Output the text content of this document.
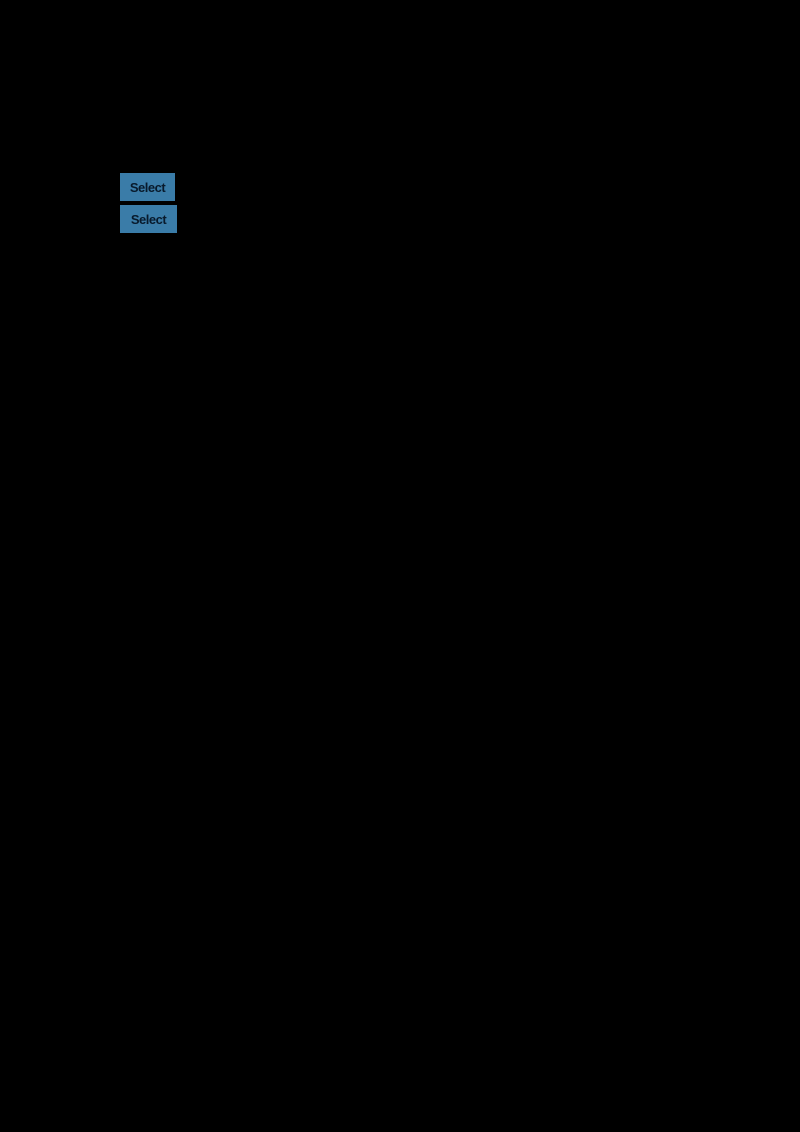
Select
Select
